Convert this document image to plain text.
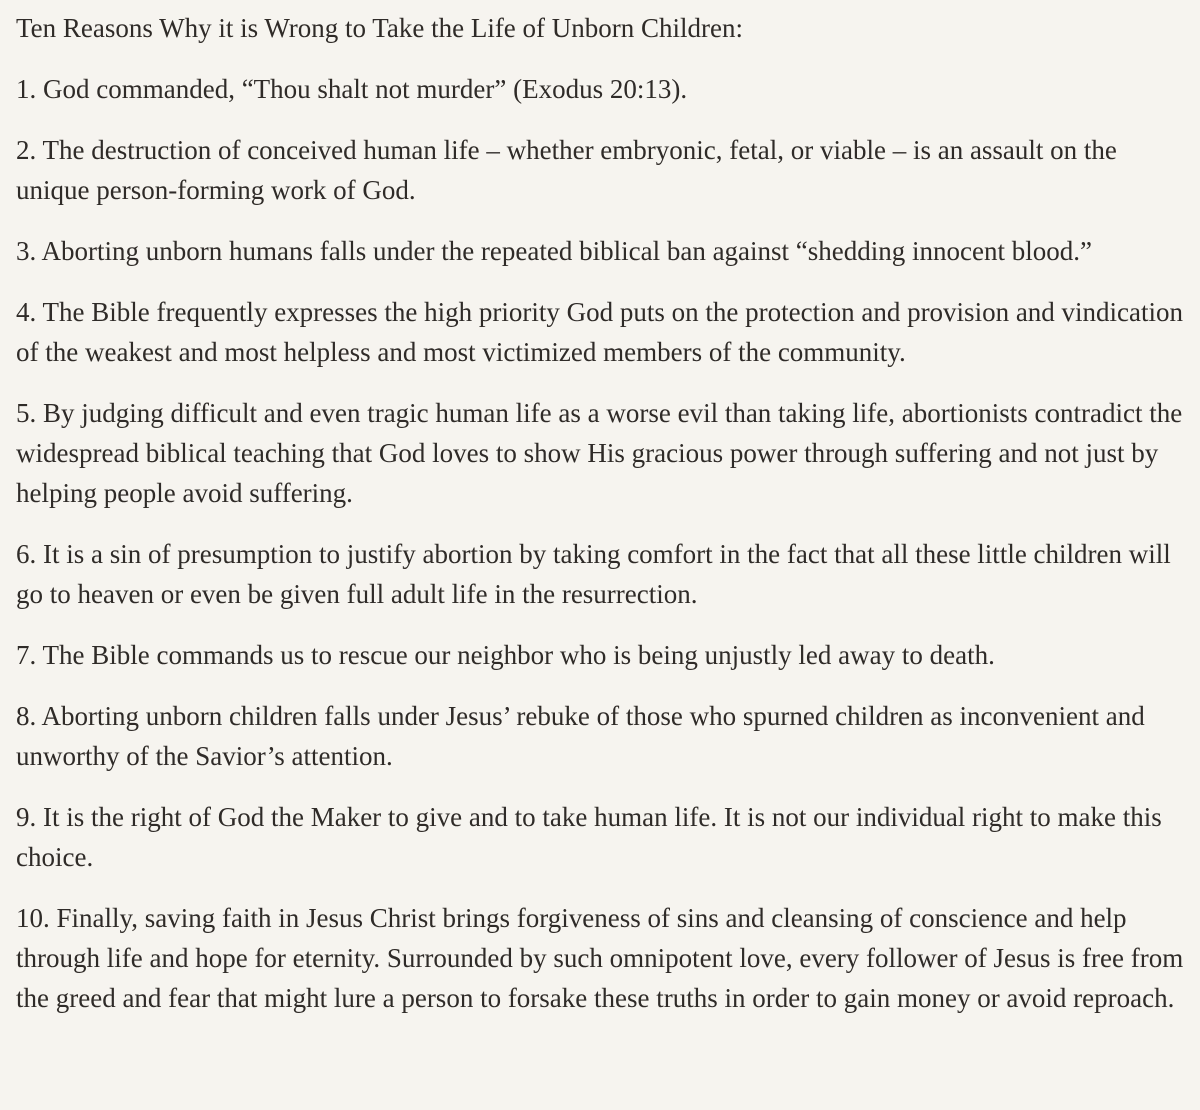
Ten Reasons Why it is Wrong to Take the Life of Unborn Children:
1. God commanded, “Thou shalt not murder” (Exodus 20:13).
2. The destruction of conceived human life – whether embryonic, fetal, or viable – is an assault on the unique person-forming work of God.
3. Aborting unborn humans falls under the repeated biblical ban against “shedding innocent blood.”
4. The Bible frequently expresses the high priority God puts on the protection and provision and vindication of the weakest and most helpless and most victimized members of the community.
5. By judging difficult and even tragic human life as a worse evil than taking life, abortionists contradict the widespread biblical teaching that God loves to show His gracious power through suffering and not just by helping people avoid suffering.
6. It is a sin of presumption to justify abortion by taking comfort in the fact that all these little children will go to heaven or even be given full adult life in the resurrection.
7. The Bible commands us to rescue our neighbor who is being unjustly led away to death.
8. Aborting unborn children falls under Jesus’ rebuke of those who spurned children as inconvenient and unworthy of the Savior’s attention.
9. It is the right of God the Maker to give and to take human life. It is not our individual right to make this choice.
10. Finally, saving faith in Jesus Christ brings forgiveness of sins and cleansing of conscience and help through life and hope for eternity. Surrounded by such omnipotent love, every follower of Jesus is free from the greed and fear that might lure a person to forsake these truths in order to gain money or avoid reproach.
